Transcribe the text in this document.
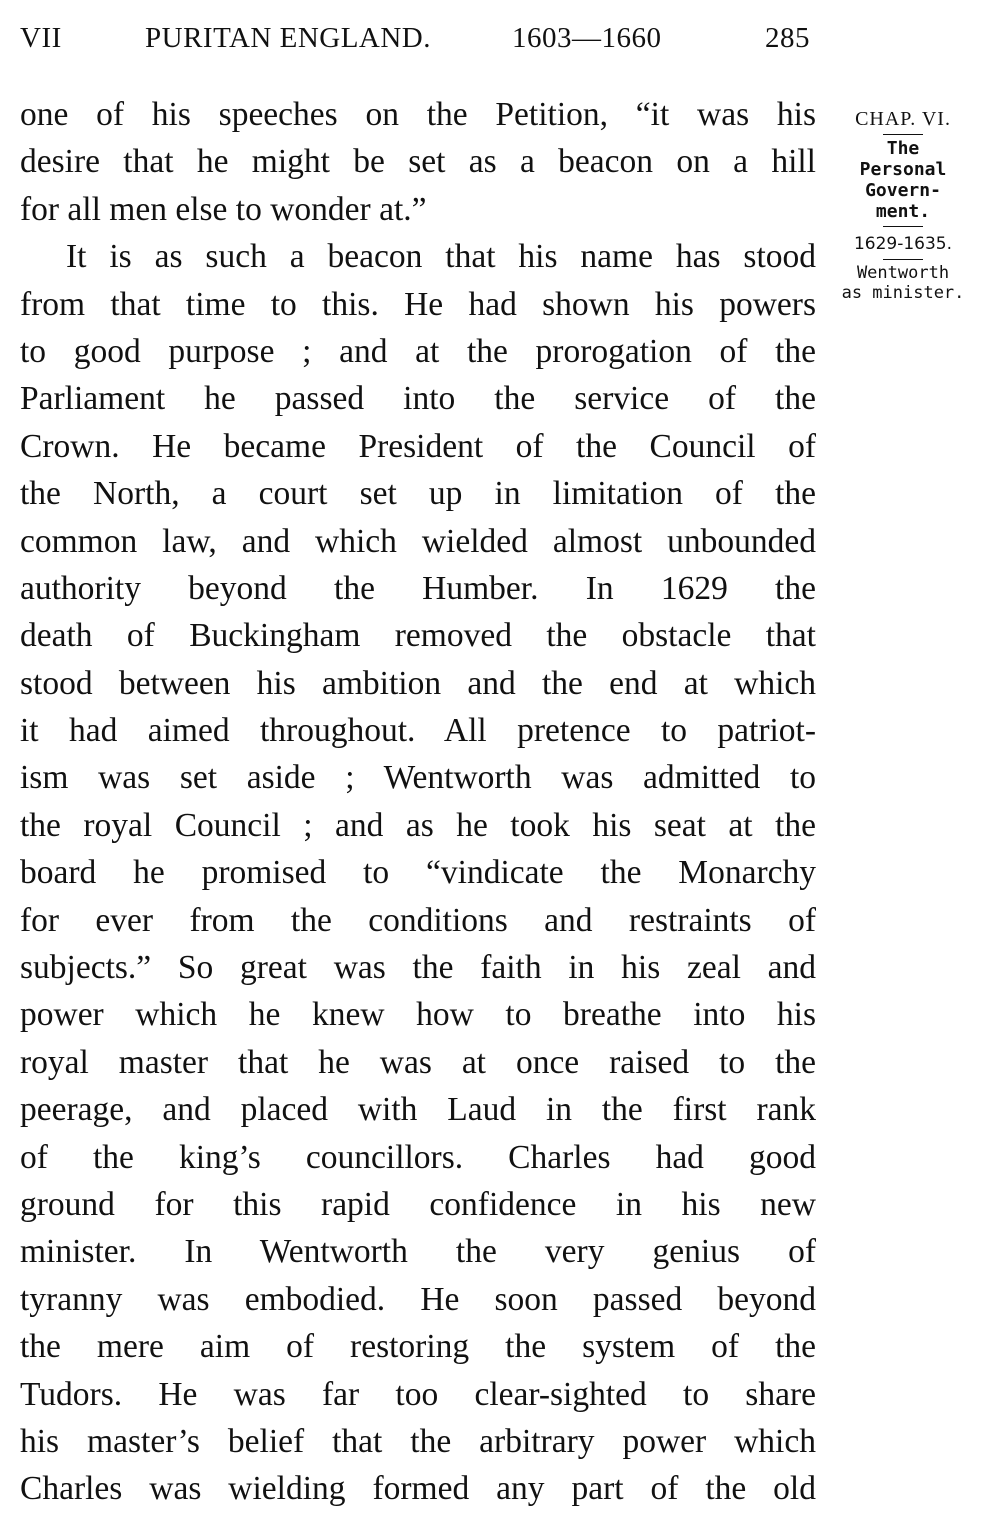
VII	PURITAN ENGLAND.	1603—1660	285
one of his speeches on the Petition, “it was his
desire that he might be set as a beacon on a hill
for all men else to wonder at.”
It is as such a beacon that his name has stood
from that time to this. He had shown his powers
to good purpose ; and at the prorogation of the
Parliament he passed into the service of the
Crown. He became President of the Council of
the North, a court set up in limitation of the
common law, and which wielded almost unbounded
authority beyond the Humber. In 1629 the
death of Buckingham removed the obstacle that
stood between his ambition and the end at which
it had aimed throughout. All pretence to patriot-
ism was set aside ; Wentworth was admitted to
the royal Council ; and as he took his seat at the
board he promised to “vindicate the Monarchy
for ever from the conditions and restraints of
subjects.” So great was the faith in his zeal and
power which he knew how to breathe into his
royal master that he was at once raised to the
peerage, and placed with Laud in the first rank
of the king’s councillors. Charles had good
ground for this rapid confidence in his new
minister. In Wentworth the very genius of
tyranny was embodied. He soon passed beyond
the mere aim of restoring the system of the
Tudors. He was far too clear-sighted to share
his master’s belief that the arbitrary power which
Charles was wielding formed any part of the old
CHAP. VI.
The
Personal
Govern-
ment.
1629-1635.
Wentworth
as minister.
